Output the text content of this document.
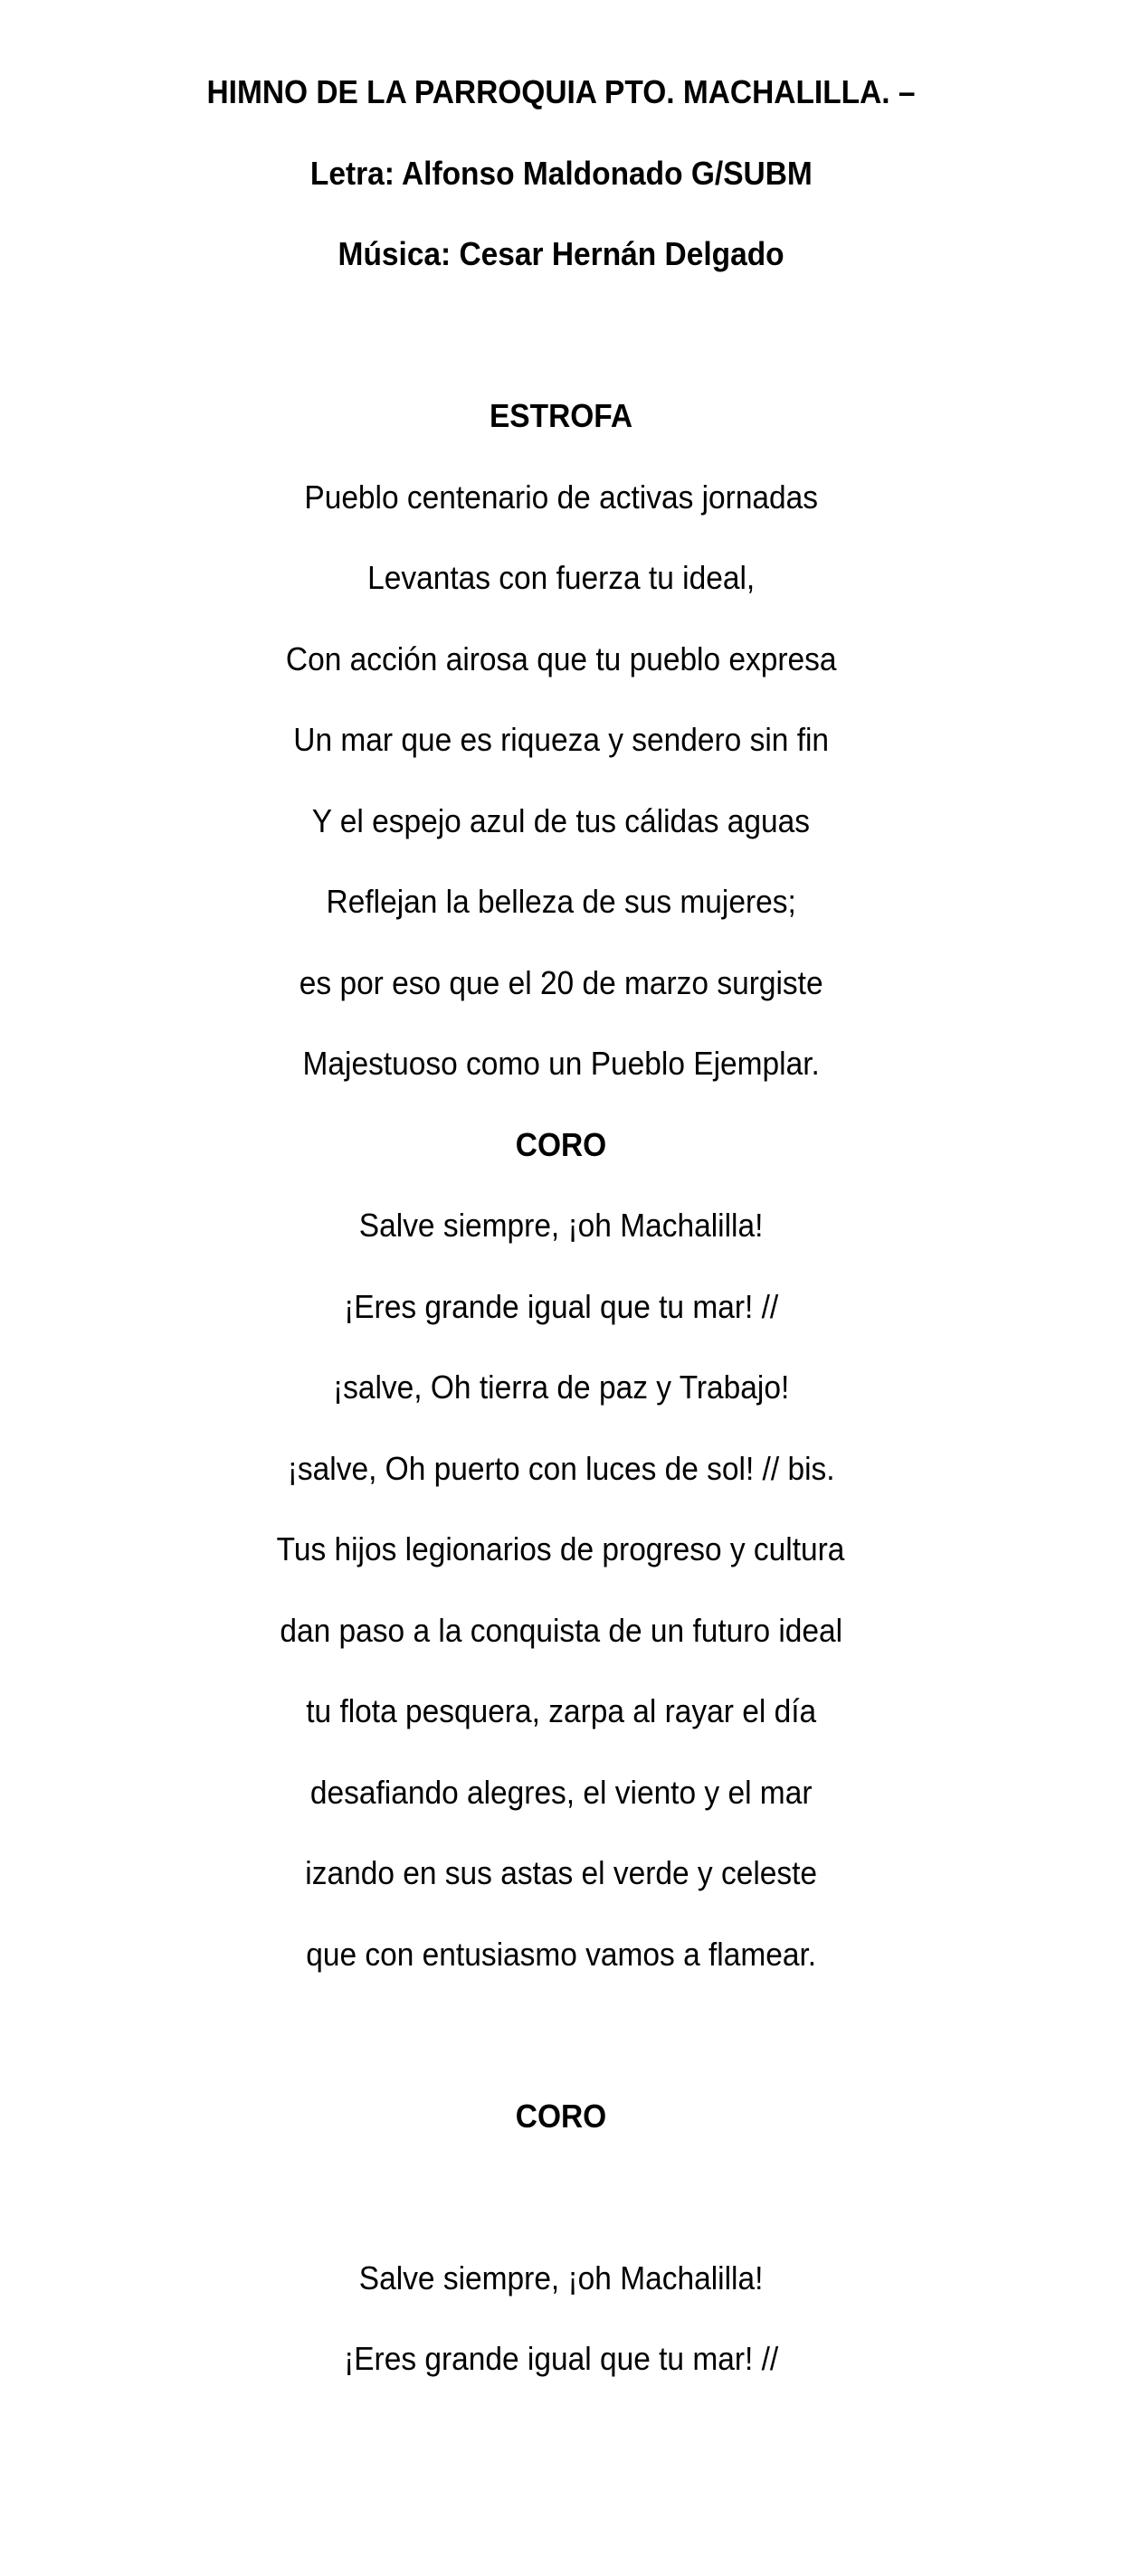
HIMNO DE LA PARROQUIA PTO. MACHALILLA. –

Letra: Alfonso Maldonado G/SUBM

Música: Cesar Hernán Delgado

ESTROFA

Pueblo centenario de activas jornadas

Levantas con fuerza tu ideal,

Con acción airosa que tu pueblo expresa

Un mar que es riqueza y sendero sin fin

Y el espejo azul de tus cálidas aguas

Reflejan la belleza de sus mujeres;

es por eso que el 20 de marzo surgiste

Majestuoso como un Pueblo Ejemplar.

CORO

Salve siempre, ¡oh Machalilla!

¡Eres grande igual que tu mar! //

¡salve, Oh tierra de paz y Trabajo!

¡salve, Oh puerto con luces de sol! // bis.

Tus hijos legionarios de progreso y cultura

dan paso a la conquista de un futuro ideal

tu flota pesquera, zarpa al rayar el día

desafiando alegres, el viento y el mar

izando en sus astas el verde y celeste

que con entusiasmo vamos a flamear.

CORO

Salve siempre, ¡oh Machalilla!

¡Eres grande igual que tu mar! //
